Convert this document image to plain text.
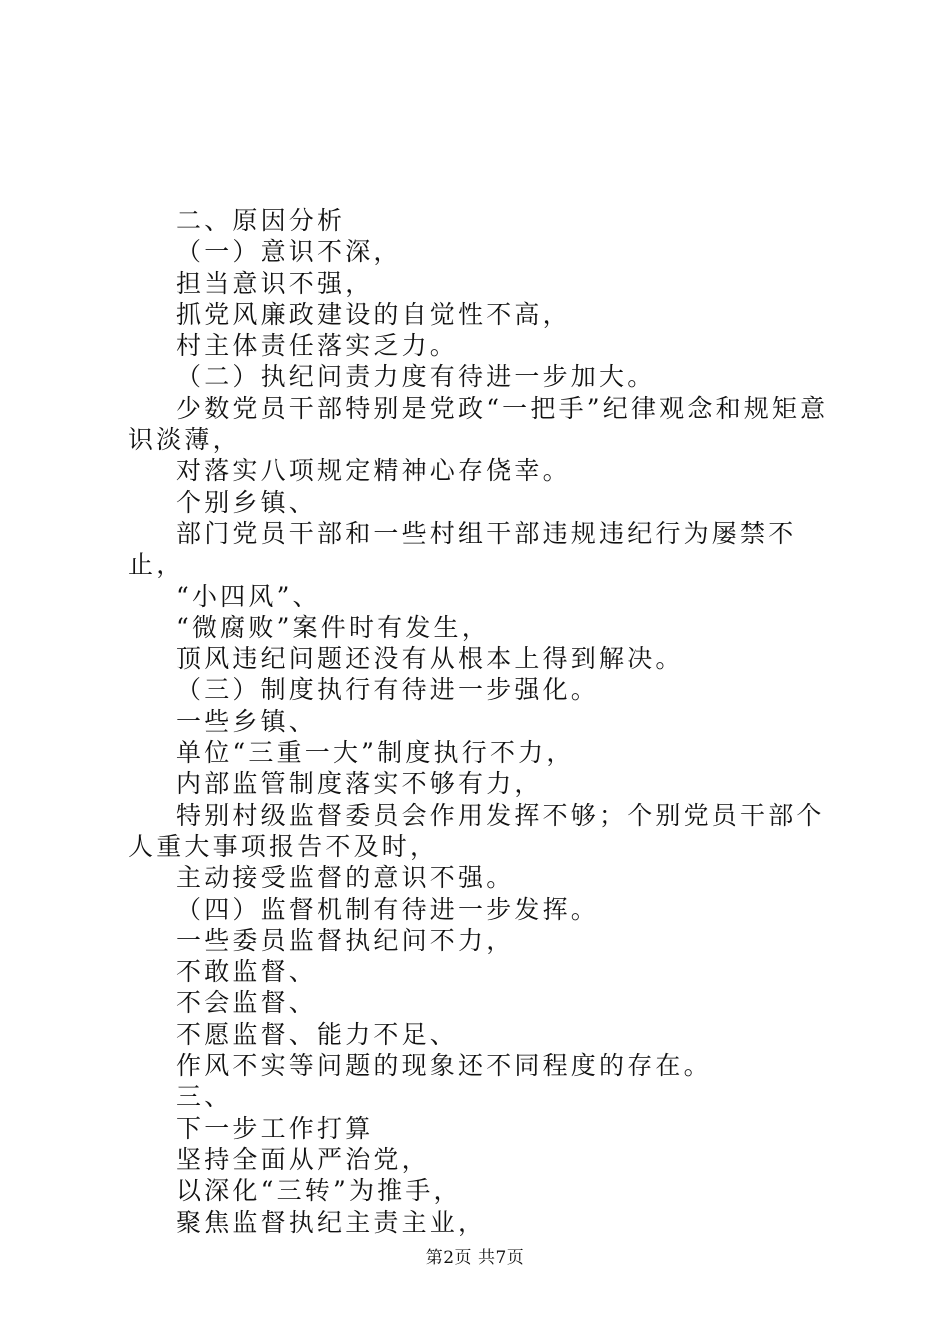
二、原因分析

（一）意识不深，

担当意识不强，

抓党风廉政建设的自觉性不高，

村主体责任落实乏力。

（二）执纪问责力度有待进一步加大。

少数党员干部特别是党政“一把手”纪律观念和规矩意识淡薄，

对落实八项规定精神心存侥幸。

个别乡镇、

部门党员干部和一些村组干部违规违纪行为屡禁不止，

“小四风”、

“微腐败”案件时有发生，

顶风违纪问题还没有从根本上得到解决。

（三）制度执行有待进一步强化。

一些乡镇、

单位“三重一大”制度执行不力，

内部监管制度落实不够有力，

特别村级监督委员会作用发挥不够；个别党员干部个人重大事项报告不及时，

主动接受监督的意识不强。

（四）监督机制有待进一步发挥。

一些委员监督执纪问不力，

不敢监督、

不会监督、

不愿监督、能力不足、

作风不实等问题的现象还不同程度的存在。

三、

下一步工作打算

坚持全面从严治党，

以深化“三转”为推手，

聚焦监督执纪主责主业，

第2页 共7页
